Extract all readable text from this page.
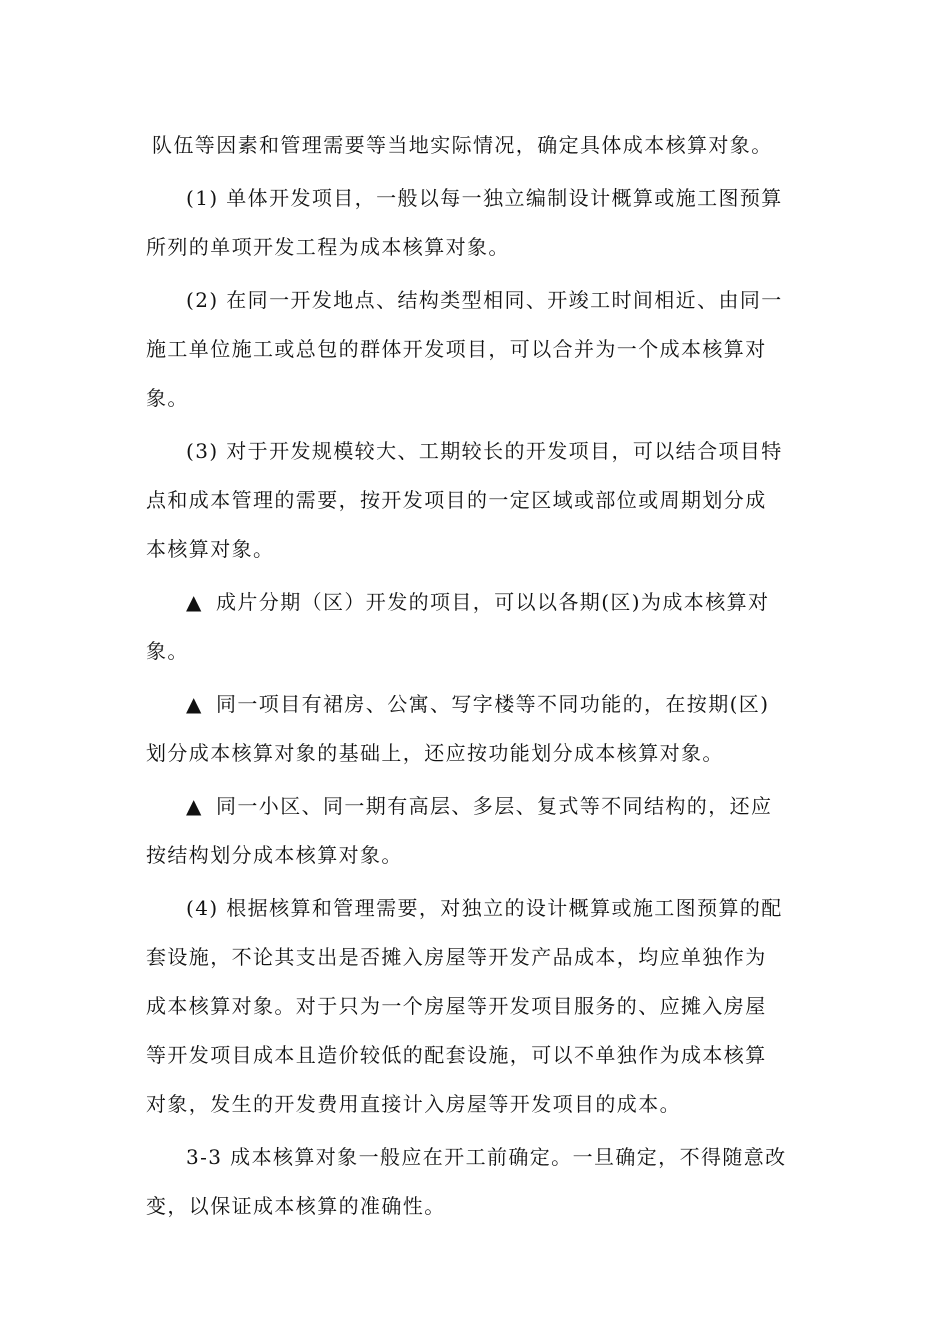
队伍等因素和管理需要等当地实际情况，确定具体成本核算对象。
(1) 单体开发项目，一般以每一独立编制设计概算或施工图预算
所列的单项开发工程为成本核算对象。
(2) 在同一开发地点、结构类型相同、开竣工时间相近、由同一
施工单位施工或总包的群体开发项目，可以合并为一个成本核算对
象。
(3) 对于开发规模较大、工期较长的开发项目，可以结合项目特
点和成本管理的需要，按开发项目的一定区域或部位或周期划分成
本核算对象。
▲ 成片分期（区）开发的项目，可以以各期(区)为成本核算对
象。
▲ 同一项目有裙房、公寓、写字楼等不同功能的，在按期(区)
划分成本核算对象的基础上，还应按功能划分成本核算对象。
▲ 同一小区、同一期有高层、多层、复式等不同结构的，还应
按结构划分成本核算对象。
(4) 根据核算和管理需要，对独立的设计概算或施工图预算的配
套设施，不论其支出是否摊入房屋等开发产品成本，均应单独作为
成本核算对象。对于只为一个房屋等开发项目服务的、应摊入房屋
等开发项目成本且造价较低的配套设施，可以不单独作为成本核算
对象，发生的开发费用直接计入房屋等开发项目的成本。
3-3 成本核算对象一般应在开工前确定。一旦确定，不得随意改
变，以保证成本核算的准确性。
